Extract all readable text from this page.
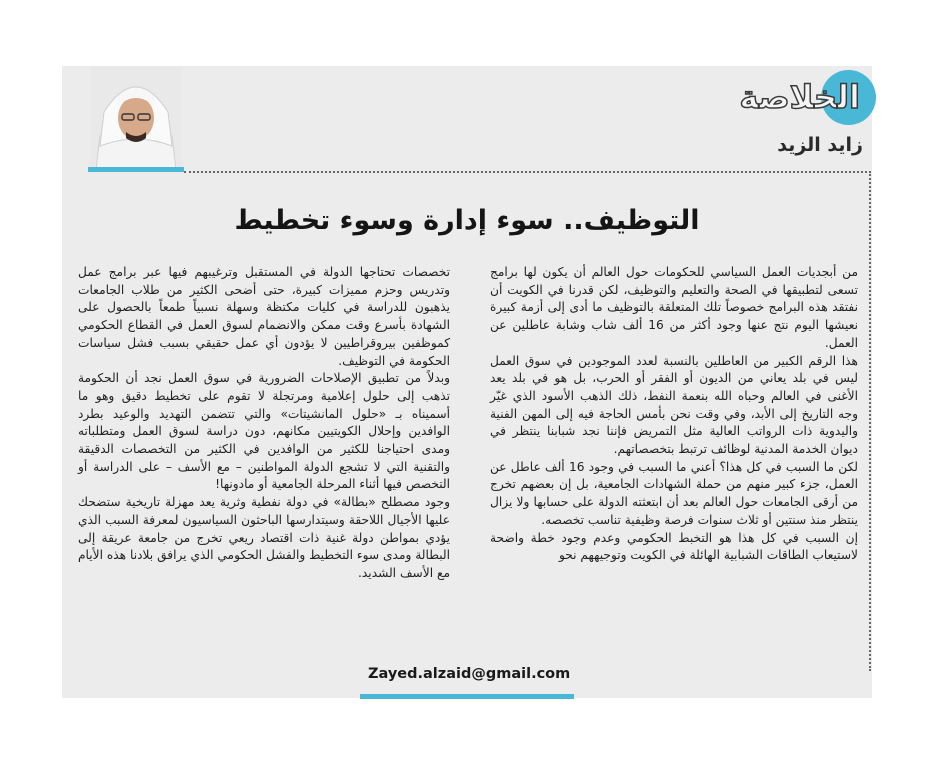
الخلاصة
زايد الزيد
التوظيف.. سوء إدارة وسوء تخطيط

من أبجديات العمل السياسي للحكومات حول العالم أن يكون لها برامج تسعى لتطبيقها في الصحة والتعليم والتوظيف، لكن قدرنا في الكويت أن نفتقد هذه البرامج خصوصاً تلك المتعلقة بالتوظيف ما أدى إلى أزمة كبيرة نعيشها اليوم نتج عنها وجود أكثر من 16 ألف شاب وشابة عاطلين عن العمل.

هذا الرقم الكبير من العاطلين بالنسبة لعدد الموجودين في سوق العمل ليس في بلد يعاني من الديون أو الفقر أو الحرب، بل هو في بلد يعد الأغنى في العالم وحباه الله بنعمة النفط، ذلك الذهب الأسود الذي غيّر وجه التاريخ إلى الأبد، وفي وقت نحن بأمس الحاجة فيه إلى المهن الفنية واليدوية ذات الرواتب العالية مثل التمريض فإننا نجد شبابنا ينتظر في ديوان الخدمة المدنية لوظائف ترتبط بتخصصاتهم.

لكن ما السبب في كل هذا؟ أعني ما السبب في وجود 16 ألف عاطل عن العمل، جزء كبير منهم من حملة الشهادات الجامعية، بل إن بعضهم تخرج من أرقى الجامعات حول العالم بعد أن ابتعثته الدولة على حسابها ولا يزال ينتظر منذ سنتين أو ثلاث سنوات فرصة وظيفية تناسب تخصصه.

إن السبب في كل هذا هو التخبط الحكومي وعدم وجود خطة واضحة لاستيعاب الطاقات الشبابية الهائلة في الكويت وتوجيههم نحو

تخصصات تحتاجها الدولة في المستقبل وترغيبهم فيها عبر برامج عمل وتدريس وحزم مميزات كبيرة، حتى أضحى الكثير من طلاب الجامعات يذهبون للدراسة في كليات مكتظة وسهلة نسبياً طمعاً بالحصول على الشهادة بأسرع وقت ممكن والانضمام لسوق العمل في القطاع الحكومي كموظفين بيروقراطيين لا يؤدون أي عمل حقيقي بسبب فشل سياسات الحكومة في التوظيف.

وبدلاً من تطبيق الإصلاحات الضرورية في سوق العمل نجد أن الحكومة تذهب إلى حلول إعلامية ومرتجلة لا تقوم على تخطيط دقيق وهو ما أسميناه بـ «حلول المانشيتات» والتي تتضمن التهديد والوعيد بطرد الوافدين وإحلال الكويتيين مكانهم، دون دراسة لسوق العمل ومتطلباته ومدى احتياجنا للكثير من الوافدين في الكثير من التخصصات الدقيقة والتقنية التي لا تشجع الدولة المواطنين – مع الأسف – على الدراسة أو التخصص فيها أثناء المرحلة الجامعية أو مادونها!

وجود مصطلح «بطالة» في دولة نفطية وثرية يعد مهزلة تاريخية ستضحك عليها الأجيال اللاحقة وسيتدارسها الباحثون السياسيون لمعرفة السبب الذي يؤدي بمواطن دولة غنية ذات اقتصاد ريعي تخرج من جامعة عريقة إلى البطالة ومدى سوء التخطيط والفشل الحكومي الذي يرافق بلادنا هذه الأيام مع الأسف الشديد.

Zayed.alzaid@gmail.com
